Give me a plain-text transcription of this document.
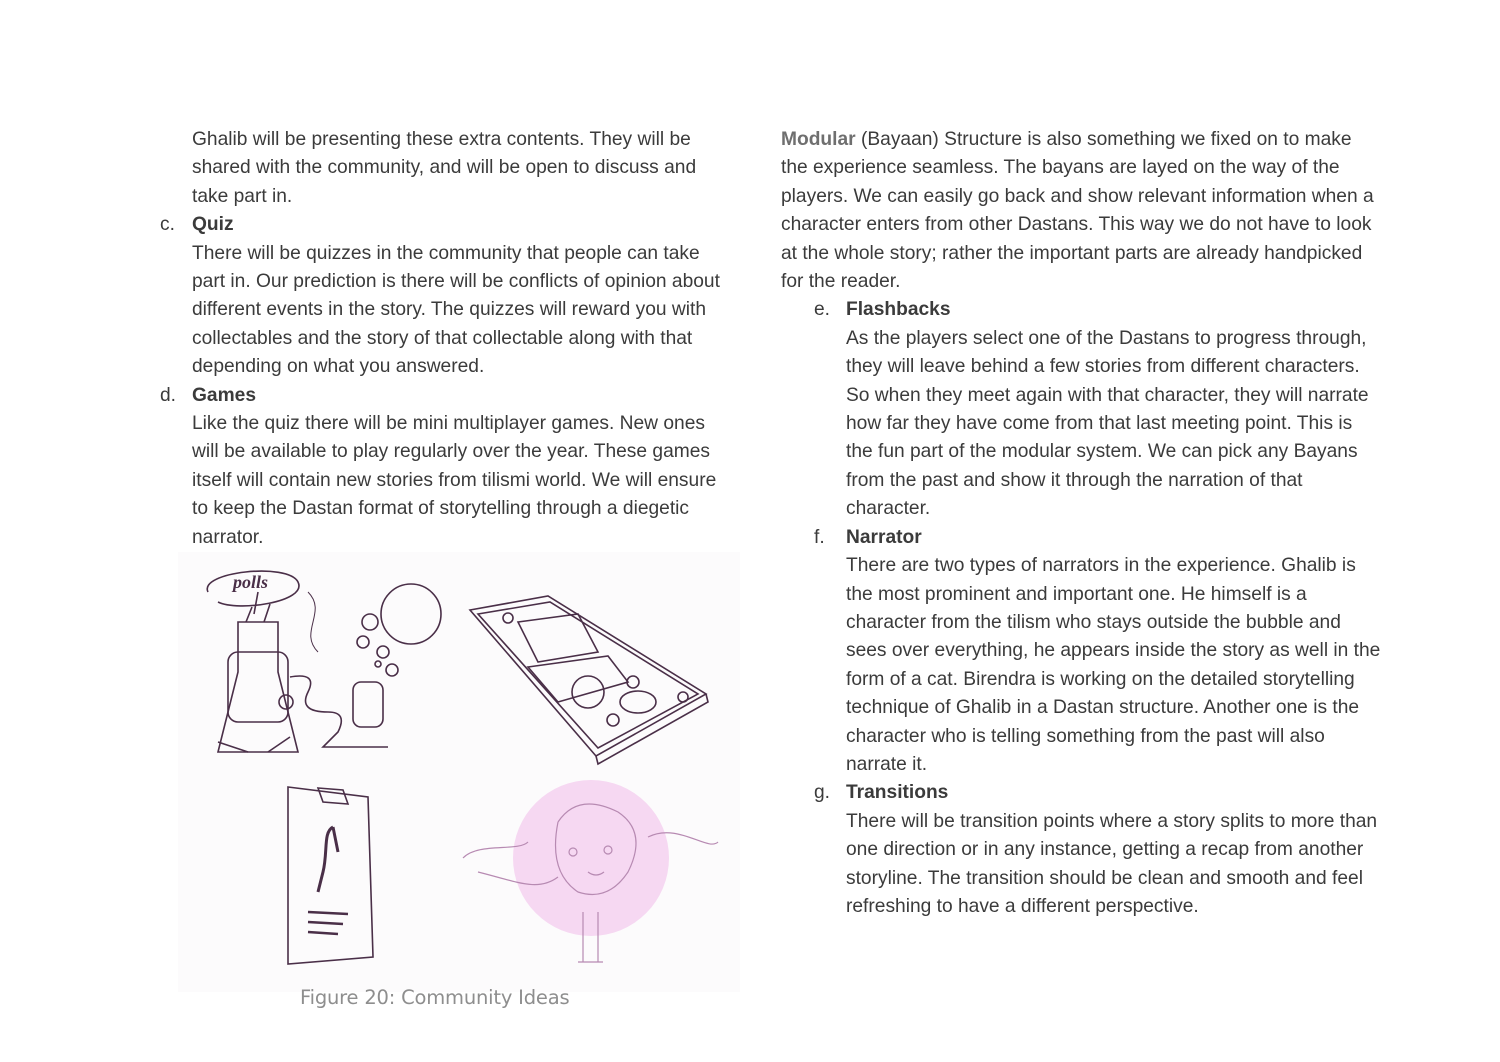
Ghalib will be presenting these extra contents. They will be shared with the community, and will be open to discuss and take part in.

c. Quiz
There will be quizzes in the community that people can take part in. Our prediction is there will be conflicts of opinion about different events in the story. The quizzes will reward you with collectables and the story of that collectable along with that depending on what you answered.
d. Games
Like the quiz there will be mini multiplayer games. New ones will be available to play regularly over the year. These games itself will contain new stories from tilismi world. We will ensure to keep the Dastan format of storytelling through a diegetic narrator.
polls
Figure 20: Community Ideas

Modular (Bayaan) Structure is also something we fixed on to make the experience seamless. The bayans are layed on the way of the players. We can easily go back and show relevant information when a character enters from other Dastans. This way we do not have to look at the whole story; rather the important parts are already handpicked for the reader.

e. Flashbacks
As the players select one of the Dastans to progress through, they will leave behind a few stories from different characters. So when they meet again with that character, they will narrate how far they have come from that last meeting point. This is the fun part of the modular system. We can pick any Bayans from the past and show it through the narration of that character.
f. Narrator
There are two types of narrators in the experience. Ghalib is the most prominent and important one. He himself is a character from the tilism who stays outside the bubble and sees over everything, he appears inside the story as well in the form of a cat. Birendra is working on the detailed storytelling technique of Ghalib in a Dastan structure. Another one is the character who is telling something from the past will also narrate it.
g. Transitions
There will be transition points where a story splits to more than one direction or in any instance, getting a recap from another storyline. The transition should be clean and smooth and feel refreshing to have a different perspective.
